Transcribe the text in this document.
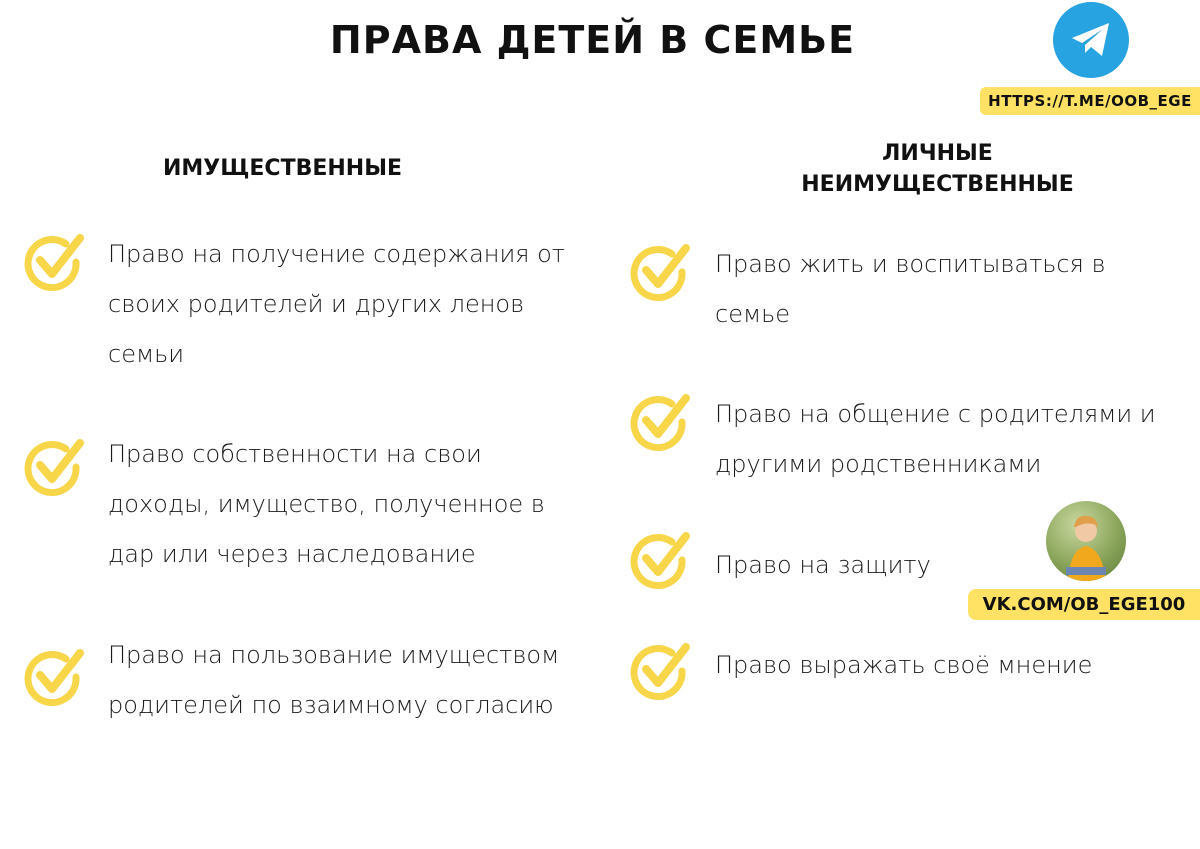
ПРАВА ДЕТЕЙ В СЕМЬЕ
HTTPS://T.ME/OOB_EGE
ИМУЩЕСТВЕННЫЕ
ЛИЧНЫЕ
НЕИМУЩЕСТВЕННЫЕ
Право на получение содержания от своих родителей и других ленов семьи
Право собственности на свои доходы, имущество, полученное в дар или через наследование
Право на пользование имуществом родителей по взаимному согласию
Право жить и воспитываться в семье
Право на общение с родителями и другими родственниками
Право на защиту
Право выражать своё мнение
VK.COM/OB_EGE100
